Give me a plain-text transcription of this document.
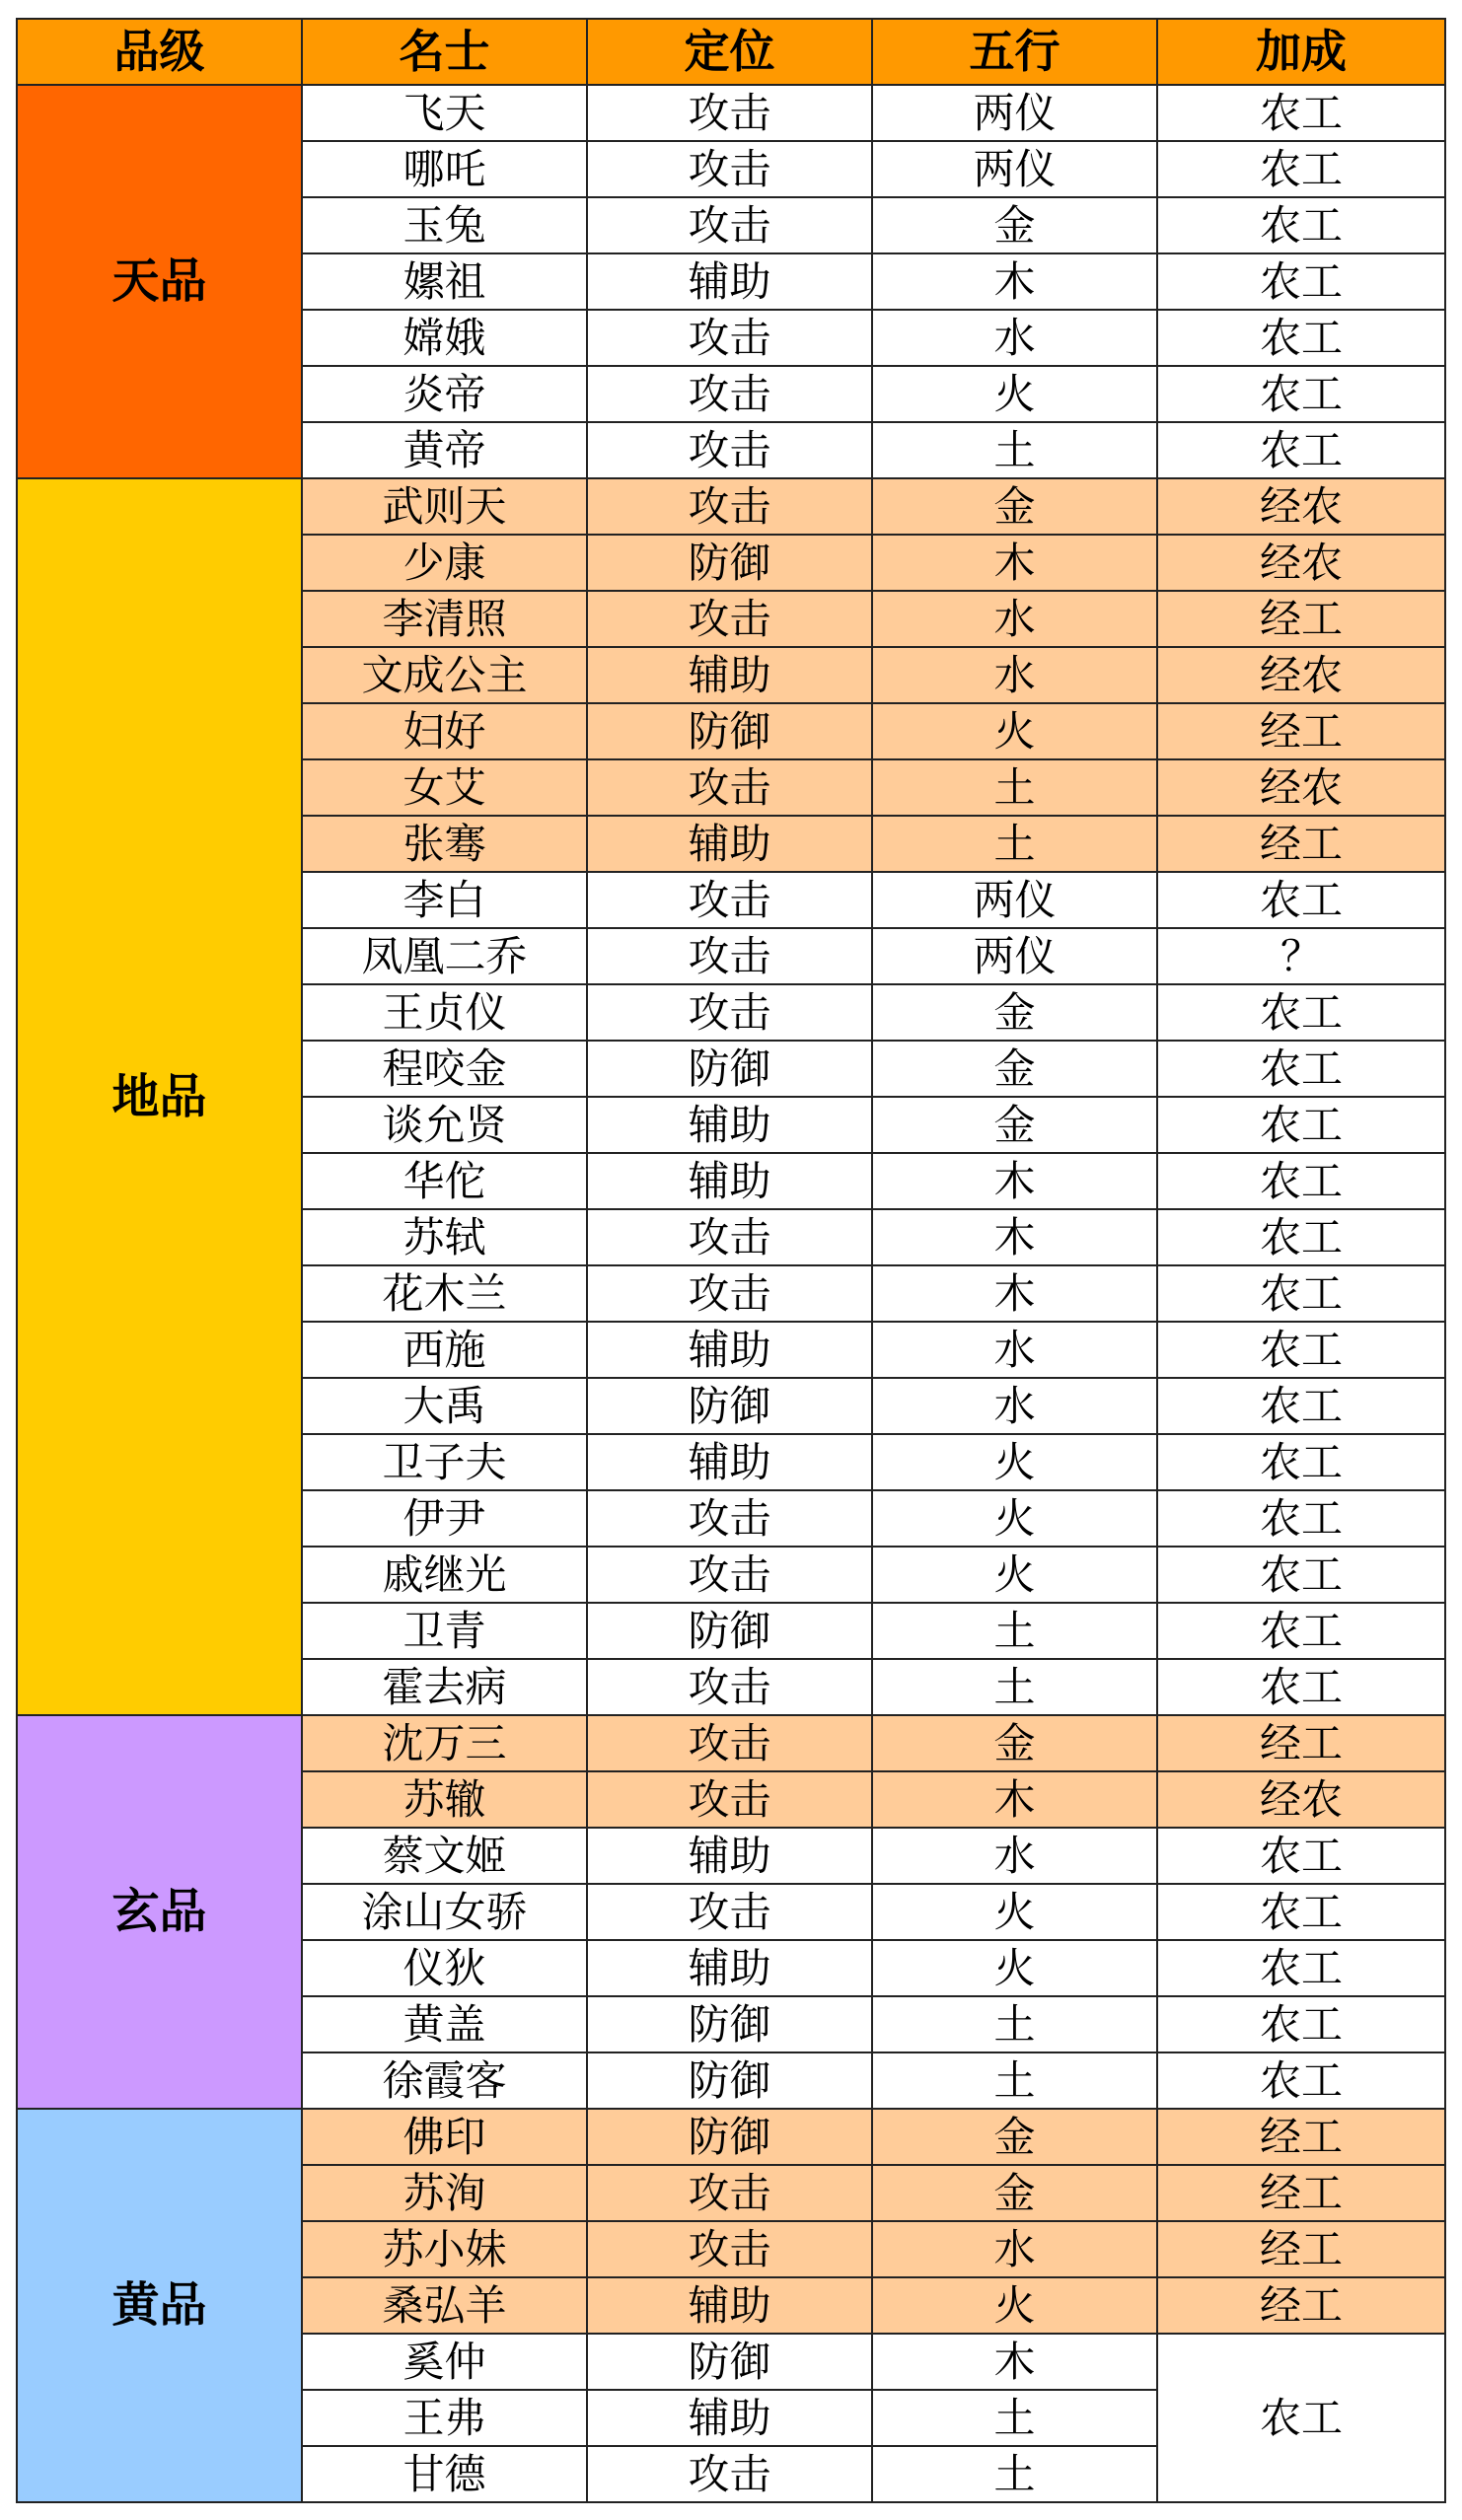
品级	名士	定位	五行	加成
天品	飞天	攻击	两仪	农工
	哪吒	攻击	两仪	农工
	玉兔	攻击	金	农工
	嫘祖	辅助	木	农工
	嫦娥	攻击	水	农工
	炎帝	攻击	火	农工
	黄帝	攻击	土	农工
地品	武则天	攻击	金	经农
	少康	防御	木	经农
	李清照	攻击	水	经工
	文成公主	辅助	水	经农
	妇好	防御	火	经工
	女艾	攻击	土	经农
	张骞	辅助	土	经工
	李白	攻击	两仪	农工
	凤凰二乔	攻击	两仪	？
	王贞仪	攻击	金	农工
	程咬金	防御	金	农工
	谈允贤	辅助	金	农工
	华佗	辅助	木	农工
	苏轼	攻击	木	农工
	花木兰	攻击	木	农工
	西施	辅助	水	农工
	大禹	防御	水	农工
	卫子夫	辅助	火	农工
	伊尹	攻击	火	农工
	戚继光	攻击	火	农工
	卫青	防御	土	农工
	霍去病	攻击	土	农工
玄品	沈万三	攻击	金	经工
	苏辙	攻击	木	经农
	蔡文姬	辅助	水	农工
	涂山女骄	攻击	火	农工
	仪狄	辅助	火	农工
	黄盖	防御	土	农工
	徐霞客	防御	土	农工
黄品	佛印	防御	金	经工
	苏洵	攻击	金	经工
	苏小妹	攻击	水	经工
	桑弘羊	辅助	火	经工
	奚仲	防御	木	农工
	王弗	辅助	土	
	甘德	攻击	土	
